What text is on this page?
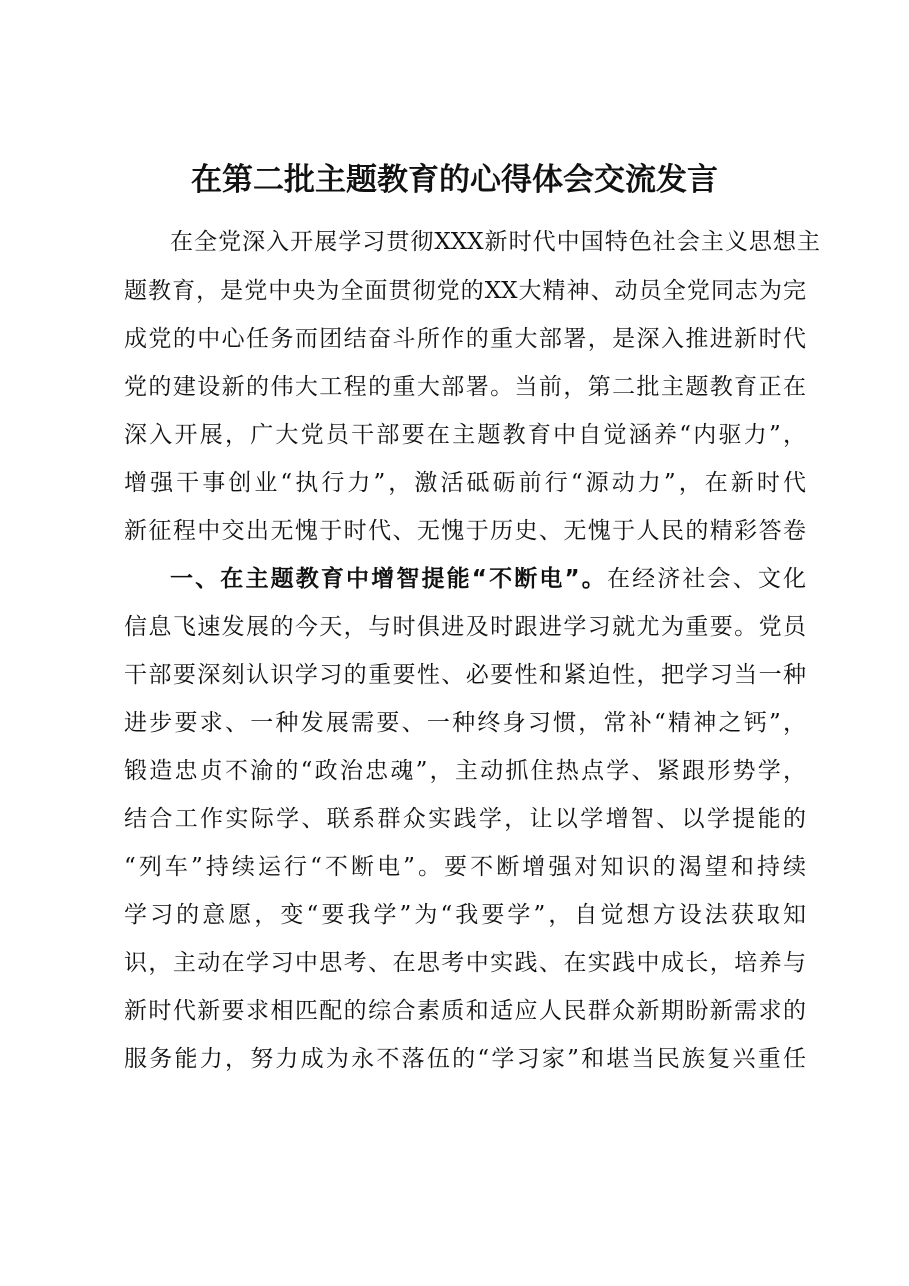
在第二批主题教育的心得体会交流发言

在全党深入开展学习贯彻XXX新时代中国特色社会主义思想主

题教育，是党中央为全面贯彻党的XX大精神、动员全党同志为完

成党的中心任务而团结奋斗所作的重大部署，是深入推进新时代

党的建设新的伟大工程的重大部署。当前，第二批主题教育正在

深入开展，广大党员干部要在主题教育中自觉涵养“内驱力”，

增强干事创业“执行力”，激活砥砺前行“源动力”，在新时代

新征程中交出无愧于时代、无愧于历史、无愧于人民的精彩答卷

一、在主题教育中增智提能“不断电”。在经济社会、文化

信息飞速发展的今天，与时俱进及时跟进学习就尤为重要。党员

干部要深刻认识学习的重要性、必要性和紧迫性，把学习当一种

进步要求、一种发展需要、一种终身习惯，常补“精神之钙”，

锻造忠贞不渝的“政治忠魂”，主动抓住热点学、紧跟形势学，

结合工作实际学、联系群众实践学，让以学增智、以学提能的

“列车”持续运行“不断电”。要不断增强对知识的渴望和持续

学习的意愿，变“要我学”为“我要学”，自觉想方设法获取知

识，主动在学习中思考、在思考中实践、在实践中成长，培养与

新时代新要求相匹配的综合素质和适应人民群众新期盼新需求的

服务能力，努力成为永不落伍的“学习家”和堪当民族复兴重任
